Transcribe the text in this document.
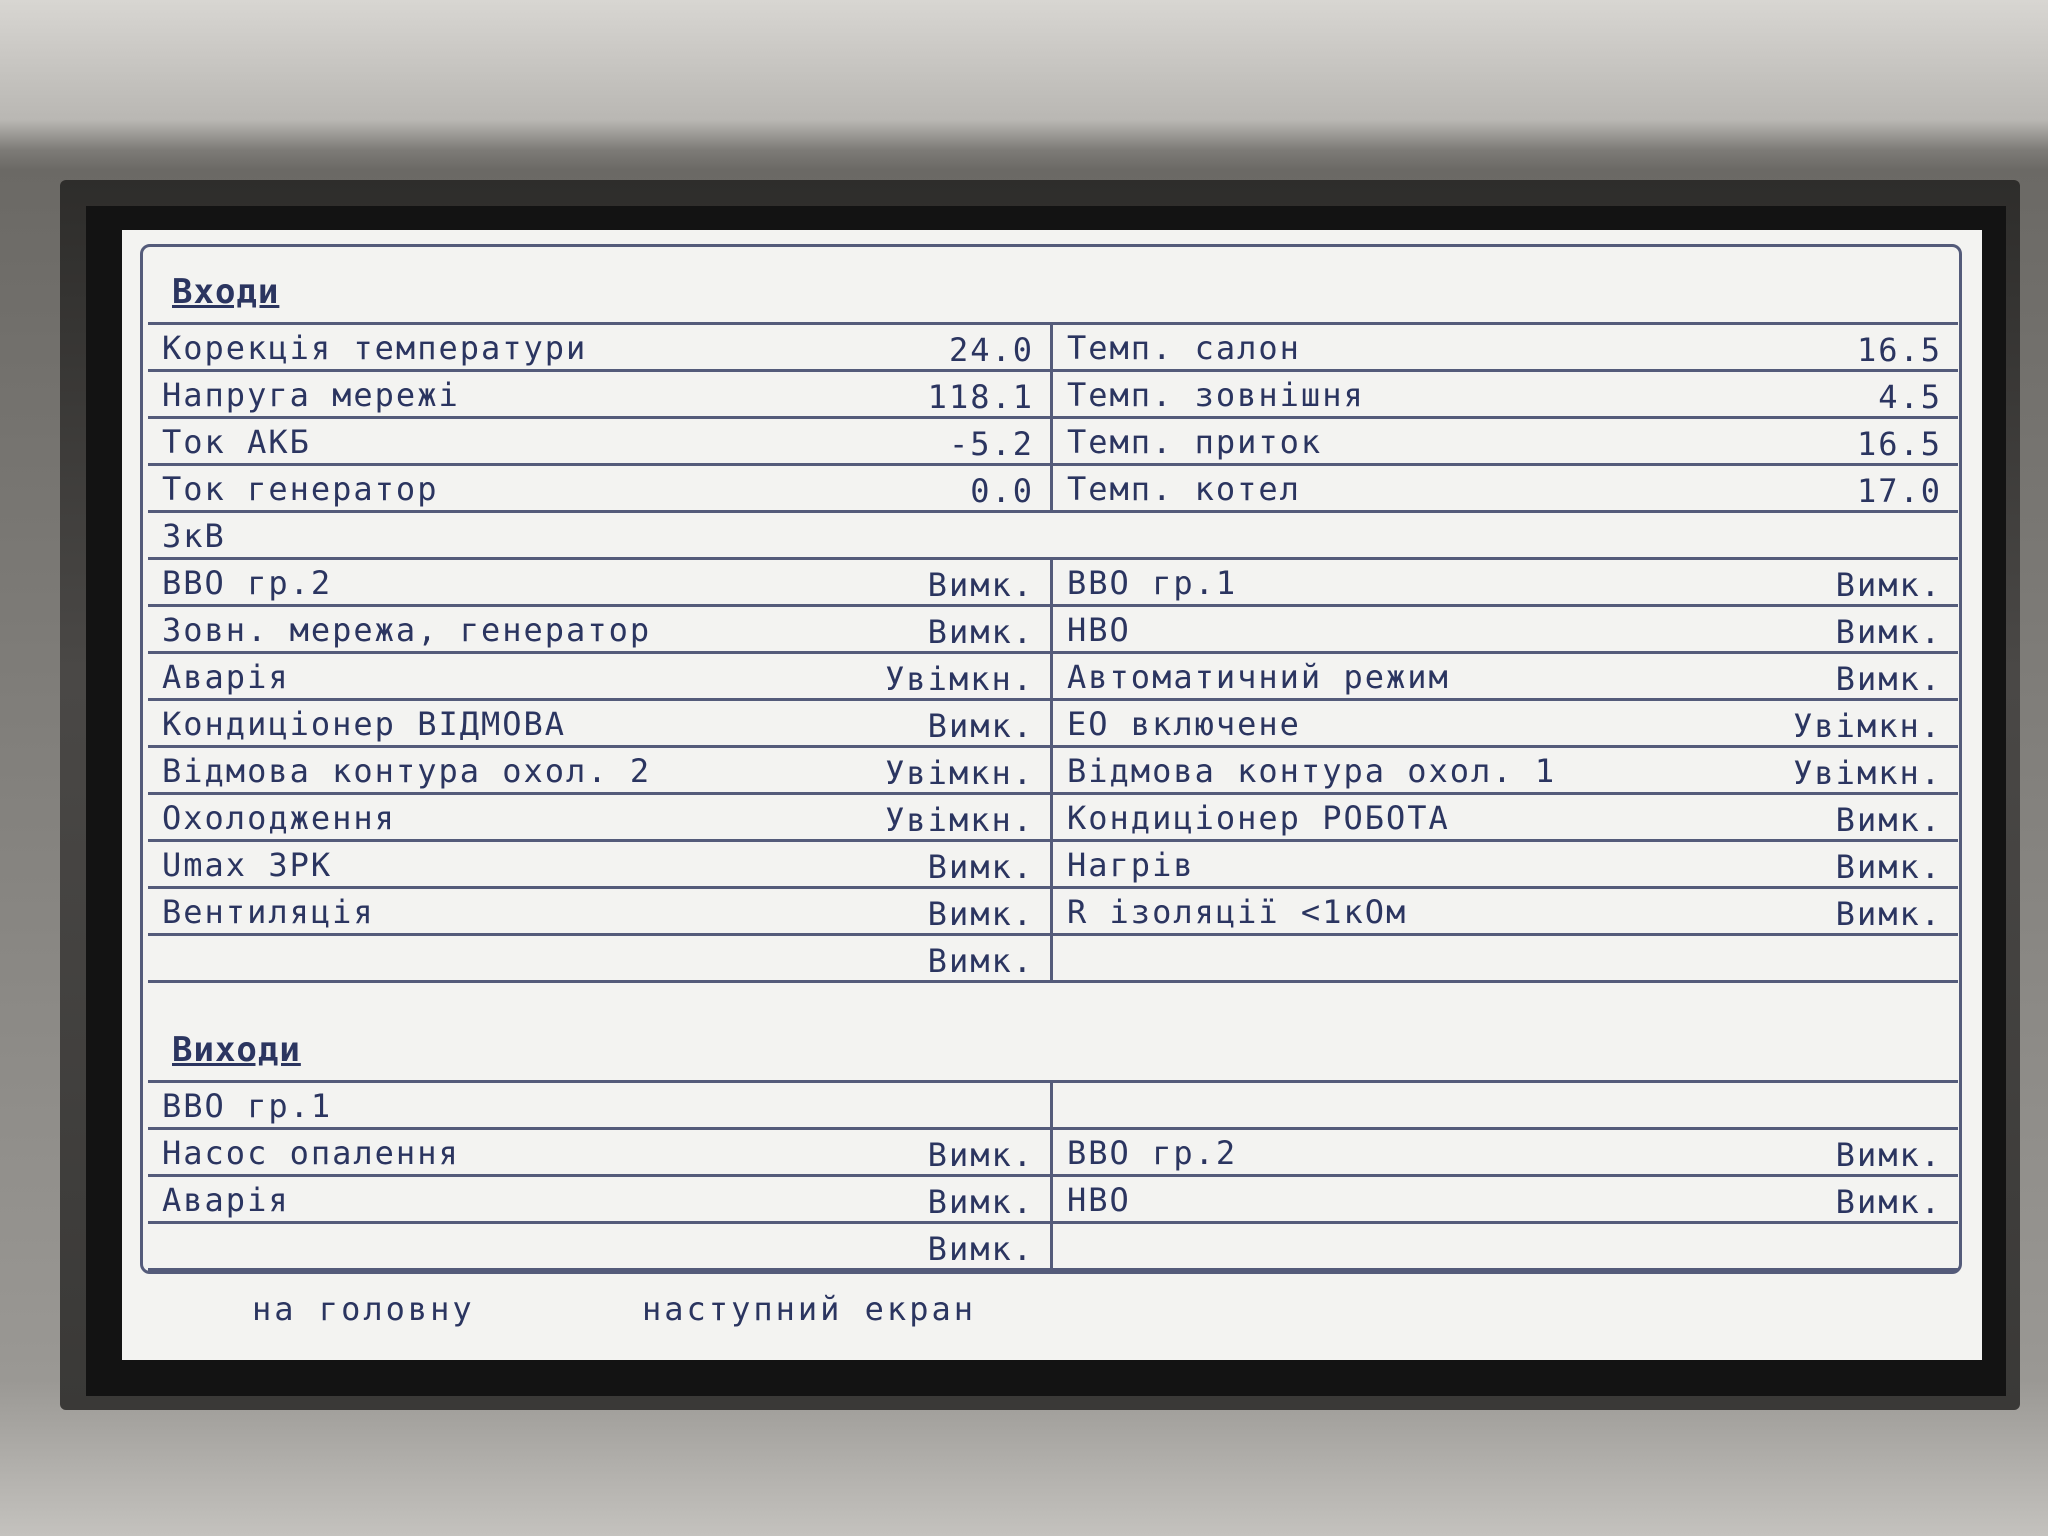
Входи
Корекція температури	24.0 Темп. салон	16.5
Напруга мережі	118.1 Темп. зовнішня	4.5
Ток АКБ	-5.2 Темп. приток	16.5
Ток генератор	0.0 Темп. котел	17.0
ЗкВ
ВВО гр.2	Вимк. ВВО гр.1	Вимк.
Зовн. мережа, генератор	Вимк. НВО	Вимк.
Аварія	Увімкн. Автоматичний режим	Вимк.
Кондиціонер ВІДМОВА	Вимк. ЕО включене	Увімкн.
Відмова контура охол. 2	Увімкн. Відмова контура охол. 1	Увімкн.
Охолодження	Увімкн. Кондиціонер РОБОТА	Вимк.
Umax ЗРК	Вимк. Нагрів	Вимк.
Вентиляція	Вимк. R ізоляції <1кОм	Вимк.
Вимк.
Виходи
ВВО гр.1
Насос опалення	Вимк. ВВО гр.2	Вимк.
Аварія	Вимк. НВО	Вимк.
Вимк.
на головну	наступний екран
